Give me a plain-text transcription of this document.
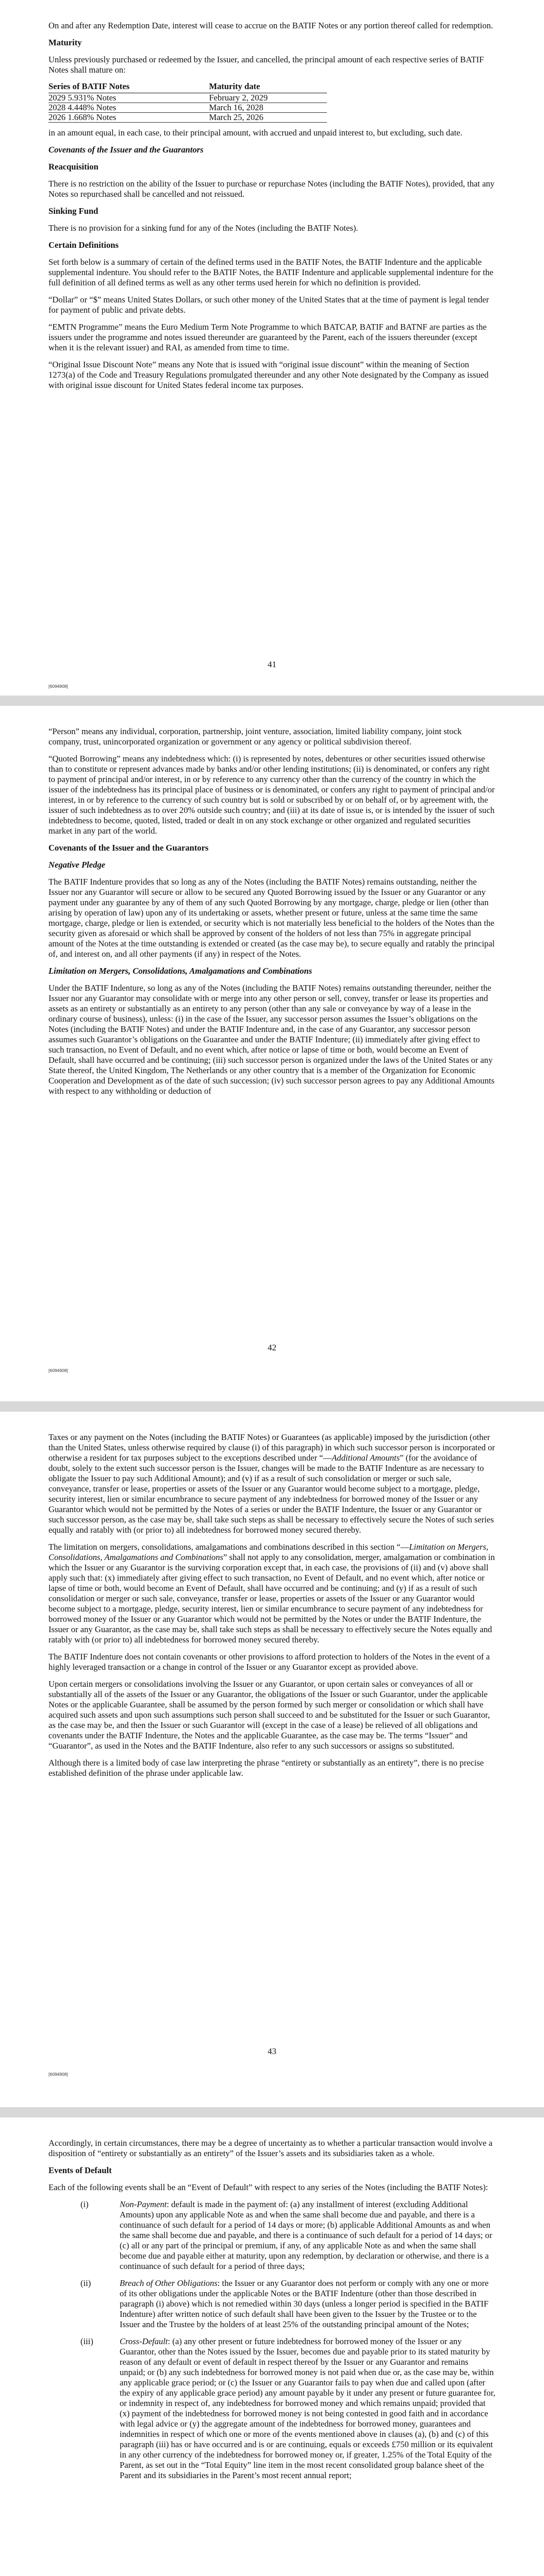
On and after any Redemption Date, interest will cease to accrue on the BATIF Notes or any portion thereof called for redemption.

Maturity

Unless previously purchased or redeemed by the Issuer, and cancelled, the principal amount of each respective series of BATIF Notes shall mature on:

Series of BATIF Notes	Maturity date
2029 5.931% Notes	February 2, 2029
2028 4.448% Notes	March 16, 2028
2026 1.668% Notes	March 25, 2026

in an amount equal, in each case, to their principal amount, with accrued and unpaid interest to, but excluding, such date.

Covenants of the Issuer and the Guarantors

Reacquisition

There is no restriction on the ability of the Issuer to purchase or repurchase Notes (including the BATIF Notes), provided, that any Notes so repurchased shall be cancelled and not reissued.

Sinking Fund

There is no provision for a sinking fund for any of the Notes (including the BATIF Notes).

Certain Definitions

Set forth below is a summary of certain of the defined terms used in the BATIF Notes, the BATIF Indenture and the applicable supplemental indenture. You should refer to the BATIF Notes, the BATIF Indenture and applicable supplemental indenture for the full definition of all defined terms as well as any other terms used herein for which no definition is provided.

“Dollar” or “$” means United States Dollars, or such other money of the United States that at the time of payment is legal tender for payment of public and private debts.

“EMTN Programme” means the Euro Medium Term Note Programme to which BATCAP, BATIF and BATNF are parties as the issuers under the programme and notes issued thereunder are guaranteed by the Parent, each of the issuers thereunder (except when it is the relevant issuer) and RAI, as amended from time to time.

“Original Issue Discount Note” means any Note that is issued with “original issue discount” within the meaning of Section 1273(a) of the Code and Treasury Regulations promulgated thereunder and any other Note designated by the Company as issued with original issue discount for United States federal income tax purposes.

41
[6094908]

“Person” means any individual, corporation, partnership, joint venture, association, limited liability company, joint stock company, trust, unincorporated organization or government or any agency or political subdivision thereof.

“Quoted Borrowing” means any indebtedness which: (i) is represented by notes, debentures or other securities issued otherwise than to constitute or represent advances made by banks and/or other lending institutions; (ii) is denominated, or confers any right to payment of principal and/or interest, in or by reference to any currency other than the currency of the country in which the issuer of the indebtedness has its principal place of business or is denominated, or confers any right to payment of principal and/or interest, in or by reference to the currency of such country but is sold or subscribed by or on behalf of, or by agreement with, the issuer of such indebtedness as to over 20% outside such country; and (iii) at its date of issue is, or is intended by the issuer of such indebtedness to become, quoted, listed, traded or dealt in on any stock exchange or other organized and regulated securities market in any part of the world.

Covenants of the Issuer and the Guarantors

Negative Pledge

The BATIF Indenture provides that so long as any of the Notes (including the BATIF Notes) remains outstanding, neither the Issuer nor any Guarantor will secure or allow to be secured any Quoted Borrowing issued by the Issuer or any Guarantor or any payment under any guarantee by any of them of any such Quoted Borrowing by any mortgage, charge, pledge or lien (other than arising by operation of law) upon any of its undertaking or assets, whether present or future, unless at the same time the same mortgage, charge, pledge or lien is extended, or security which is not materially less beneficial to the holders of the Notes than the security given as aforesaid or which shall be approved by consent of the holders of not less than 75% in aggregate principal amount of the Notes at the time outstanding is extended or created (as the case may be), to secure equally and ratably the principal of, and interest on, and all other payments (if any) in respect of the Notes.

Limitation on Mergers, Consolidations, Amalgamations and Combinations

Under the BATIF Indenture, so long as any of the Notes (including the BATIF Notes) remains outstanding thereunder, neither the Issuer nor any Guarantor may consolidate with or merge into any other person or sell, convey, transfer or lease its properties and assets as an entirety or substantially as an entirety to any person (other than any sale or conveyance by way of a lease in the ordinary course of business), unless: (i) in the case of the Issuer, any successor person assumes the Issuer’s obligations on the Notes (including the BATIF Notes) and under the BATIF Indenture and, in the case of any Guarantor, any successor person assumes such Guarantor’s obligations on the Guarantee and under the BATIF Indenture; (ii) immediately after giving effect to such transaction, no Event of Default, and no event which, after notice or lapse of time or both, would become an Event of Default, shall have occurred and be continuing; (iii) such successor person is organized under the laws of the United States or any State thereof, the United Kingdom, The Netherlands or any other country that is a member of the Organization for Economic Cooperation and Development as of the date of such succession; (iv) such successor person agrees to pay any Additional Amounts with respect to any withholding or deduction of

42
[6094908]

Taxes or any payment on the Notes (including the BATIF Notes) or Guarantees (as applicable) imposed by the jurisdiction (other than the United States, unless otherwise required by clause (i) of this paragraph) in which such successor person is incorporated or otherwise a resident for tax purposes subject to the exceptions described under “—Additional Amounts” (for the avoidance of doubt, solely to the extent such successor person is the Issuer, changes will be made to the BATIF Indenture as are necessary to obligate the Issuer to pay such Additional Amount); and (v) if as a result of such consolidation or merger or such sale, conveyance, transfer or lease, properties or assets of the Issuer or any Guarantor would become subject to a mortgage, pledge, security interest, lien or similar encumbrance to secure payment of any indebtedness for borrowed money of the Issuer or any Guarantor which would not be permitted by the Notes of a series or under the BATIF Indenture, the Issuer or any Guarantor or such successor person, as the case may be, shall take such steps as shall be necessary to effectively secure the Notes of such series equally and ratably with (or prior to) all indebtedness for borrowed money secured thereby.

The limitation on mergers, consolidations, amalgamations and combinations described in this section “—Limitation on Mergers, Consolidations, Amalgamations and Combinations” shall not apply to any consolidation, merger, amalgamation or combination in which the Issuer or any Guarantor is the surviving corporation except that, in each case, the provisions of (ii) and (v) above shall apply such that: (x) immediately after giving effect to such transaction, no Event of Default, and no event which, after notice or lapse of time or both, would become an Event of Default, shall have occurred and be continuing; and (y) if as a result of such consolidation or merger or such sale, conveyance, transfer or lease, properties or assets of the Issuer or any Guarantor would become subject to a mortgage, pledge, security interest, lien or similar encumbrance to secure payment of any indebtedness for borrowed money of the Issuer or any Guarantor which would not be permitted by the Notes or under the BATIF Indenture, the Issuer or any Guarantor, as the case may be, shall take such steps as shall be necessary to effectively secure the Notes equally and ratably with (or prior to) all indebtedness for borrowed money secured thereby.

The BATIF Indenture does not contain covenants or other provisions to afford protection to holders of the Notes in the event of a highly leveraged transaction or a change in control of the Issuer or any Guarantor except as provided above.

Upon certain mergers or consolidations involving the Issuer or any Guarantor, or upon certain sales or conveyances of all or substantially all of the assets of the Issuer or any Guarantor, the obligations of the Issuer or such Guarantor, under the applicable Notes or the applicable Guarantee, shall be assumed by the person formed by such merger or consolidation or which shall have acquired such assets and upon such assumptions such person shall succeed to and be substituted for the Issuer or such Guarantor, as the case may be, and then the Issuer or such Guarantor will (except in the case of a lease) be relieved of all obligations and covenants under the BATIF Indenture, the Notes and the applicable Guarantee, as the case may be. The terms “Issuer” and “Guarantor”, as used in the Notes and the BATIF Indenture, also refer to any such successors or assigns so substituted.

Although there is a limited body of case law interpreting the phrase “entirety or substantially as an entirety”, there is no precise established definition of the phrase under applicable law.

43
[6094908]

Accordingly, in certain circumstances, there may be a degree of uncertainty as to whether a particular transaction would involve a disposition of “entirety or substantially as an entirety” of the Issuer’s assets and its subsidiaries taken as a whole.

Events of Default

Each of the following events shall be an “Event of Default” with respect to any series of the Notes (including the BATIF Notes):

(i)	Non-Payment: default is made in the payment of: (a) any installment of interest (excluding Additional Amounts) upon any applicable Note as and when the same shall become due and payable, and there is a continuance of such default for a period of 14 days or more; (b) applicable Additional Amounts as and when the same shall become due and payable, and there is a continuance of such default for a period of 14 days; or (c) all or any part of the principal or premium, if any, of any applicable Note as and when the same shall become due and payable either at maturity, upon any redemption, by declaration or otherwise, and there is a continuance of such default for a period of three days;
(ii)	Breach of Other Obligations: the Issuer or any Guarantor does not perform or comply with any one or more of its other obligations under the applicable Notes or the BATIF Indenture (other than those described in paragraph (i) above) which is not remedied within 30 days (unless a longer period is specified in the BATIF Indenture) after written notice of such default shall have been given to the Issuer by the Trustee or to the Issuer and the Trustee by the holders of at least 25% of the outstanding principal amount of the Notes;
(iii)	Cross-Default: (a) any other present or future indebtedness for borrowed money of the Issuer or any Guarantor, other than the Notes issued by the Issuer, becomes due and payable prior to its stated maturity by reason of any default or event of default in respect thereof by the Issuer or any Guarantor and remains unpaid; or (b) any such indebtedness for borrowed money is not paid when due or, as the case may be, within any applicable grace period; or (c) the Issuer or any Guarantor fails to pay when due and called upon (after the expiry of any applicable grace period) any amount payable by it under any present or future guarantee for, or indemnity in respect of, any indebtedness for borrowed money and which remains unpaid; provided that (x) payment of the indebtedness for borrowed money is not being contested in good faith and in accordance with legal advice or (y) the aggregate amount of the indebtedness for borrowed money, guarantees and indemnities in respect of which one or more of the events mentioned above in clauses (a), (b) and (c) of this paragraph (iii) has or have occurred and is or are continuing, equals or exceeds £750 million or its equivalent in any other currency of the indebtedness for borrowed money or, if greater, 1.25% of the Total Equity of the Parent, as set out in the “Total Equity” line item in the most recent consolidated group balance sheet of the Parent and its subsidiaries in the Parent’s most recent annual report;
